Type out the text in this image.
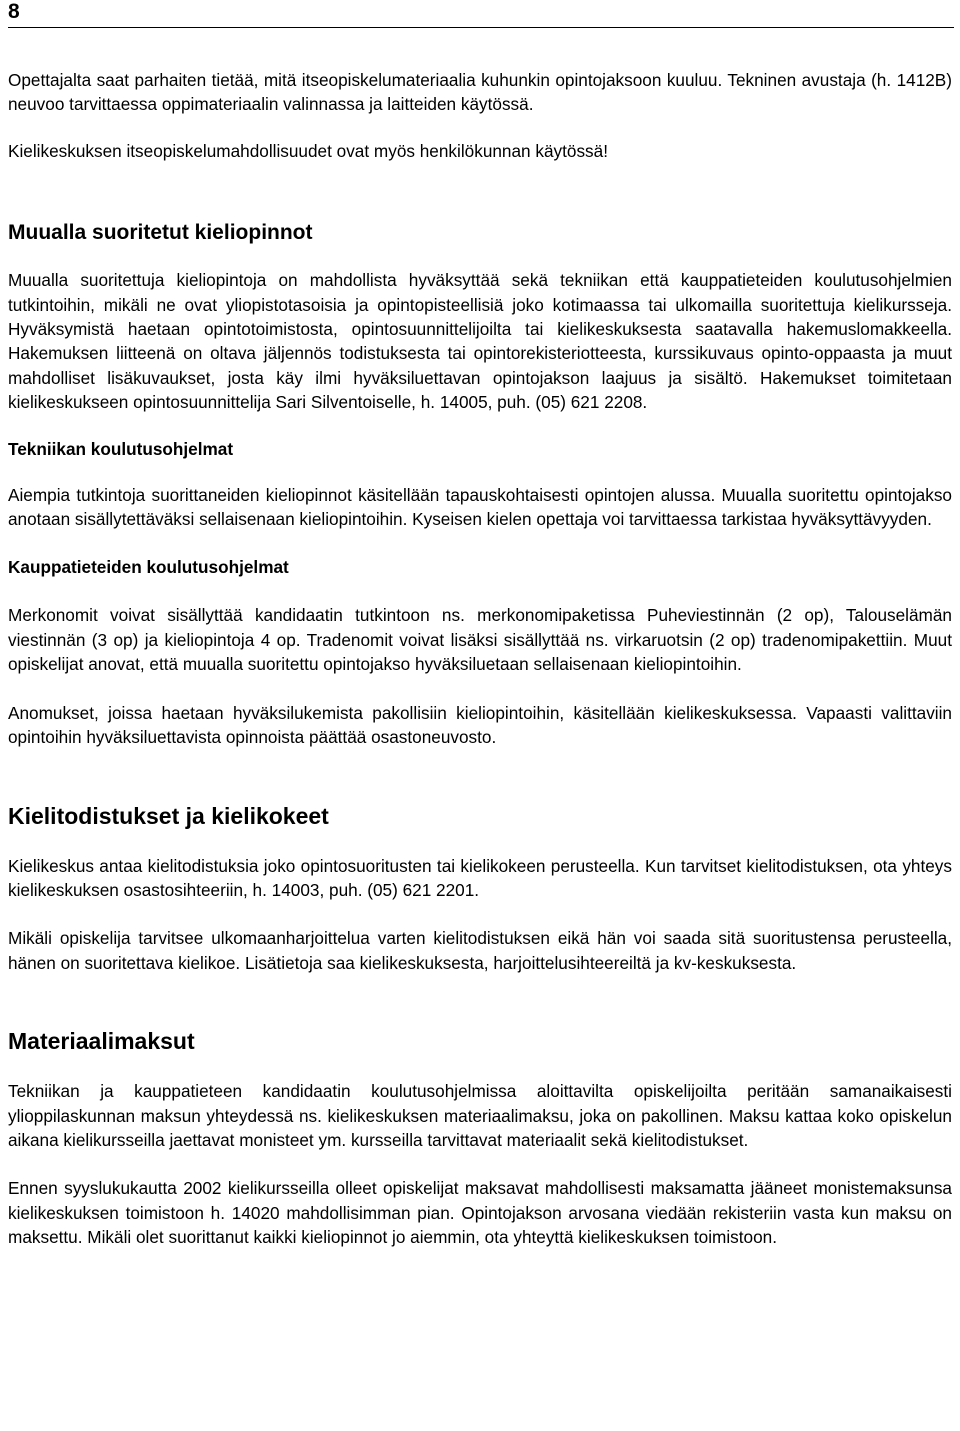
8

Opettajalta saat parhaiten tietää, mitä itseopiskelumateriaalia kuhunkin opintojaksoon kuuluu. Tekninen avustaja (h. 1412B) neuvoo tarvittaessa oppimateriaalin valinnassa ja laitteiden käytössä.

Kielikeskuksen itseopiskelumahdollisuudet ovat myös henkilökunnan käytössä!

Muualla suoritetut kieliopinnot

Muualla suoritettuja kieliopintoja on mahdollista hyväksyttää sekä tekniikan että kauppatieteiden koulutusohjelmien tutkintoihin, mikäli ne ovat yliopistotasoisia ja opintopisteellisiä joko kotimaassa tai ulkomailla suoritettuja kielikursseja. Hyväksymistä haetaan opintotoimistosta, opintosuunnittelijoilta tai kielikeskuksesta saatavalla hakemuslomakkeella. Hakemuksen liitteenä on oltava jäljennös todistuksesta tai opintorekisteriotteesta, kurssikuvaus opinto-oppaasta ja muut mahdolliset lisäkuvaukset, josta käy ilmi hyväksiluettavan opintojakson laajuus ja sisältö. Hakemukset toimitetaan kielikeskukseen opintosuunnittelija Sari Silventoiselle, h. 14005, puh. (05) 621 2208.

Tekniikan koulutusohjelmat

Aiempia tutkintoja suorittaneiden kieliopinnot käsitellään tapauskohtaisesti opintojen alussa. Muualla suoritettu opintojakso anotaan sisällytettäväksi sellaisenaan kieliopintoihin. Kyseisen kielen opettaja voi tarvittaessa tarkistaa hyväksyttävyyden.

Kauppatieteiden koulutusohjelmat

Merkonomit voivat sisällyttää kandidaatin tutkintoon ns. merkonomipaketissa Puheviestinnän (2 op), Talouselämän viestinnän (3 op) ja kieliopintoja 4 op. Tradenomit voivat lisäksi sisällyttää ns. virkaruotsin (2 op) tradenomipakettiin. Muut opiskelijat anovat, että muualla suoritettu opintojakso hyväksiluetaan sellaisenaan kieliopintoihin.

Anomukset, joissa haetaan hyväksilukemista pakollisiin kieliopintoihin, käsitellään kielikeskuksessa. Vapaasti valittaviin opintoihin hyväksiluettavista opinnoista päättää osastoneuvosto.

Kielitodistukset ja kielikokeet

Kielikeskus antaa kielitodistuksia joko opintosuoritusten tai kielikokeen perusteella. Kun tarvitset kielitodistuksen, ota yhteys kielikeskuksen osastosihteeriin, h. 14003, puh. (05) 621 2201.

Mikäli opiskelija tarvitsee ulkomaanharjoittelua varten kielitodistuksen eikä hän voi saada sitä suoritustensa perusteella, hänen on suoritettava kielikoe. Lisätietoja saa kielikeskuksesta, harjoittelusihteereiltä ja kv-keskuksesta.

Materiaalimaksut

Tekniikan ja kauppatieteen kandidaatin koulutusohjelmissa aloittavilta opiskelijoilta peritään samanaikaisesti ylioppilaskunnan maksun yhteydessä ns. kielikeskuksen materiaalimaksu, joka on pakollinen. Maksu kattaa koko opiskelun aikana kielikursseilla jaettavat monisteet ym. kursseilla tarvittavat materiaalit sekä kielitodistukset.

Ennen syyslukukautta 2002 kielikursseilla olleet opiskelijat maksavat mahdollisesti maksamatta jääneet monistemaksunsa kielikeskuksen toimistoon h. 14020 mahdollisimman pian. Opintojakson arvosana viedään rekisteriin vasta kun maksu on maksettu. Mikäli olet suorittanut kaikki kieliopinnot jo aiemmin, ota yhteyttä kielikeskuksen toimistoon.
